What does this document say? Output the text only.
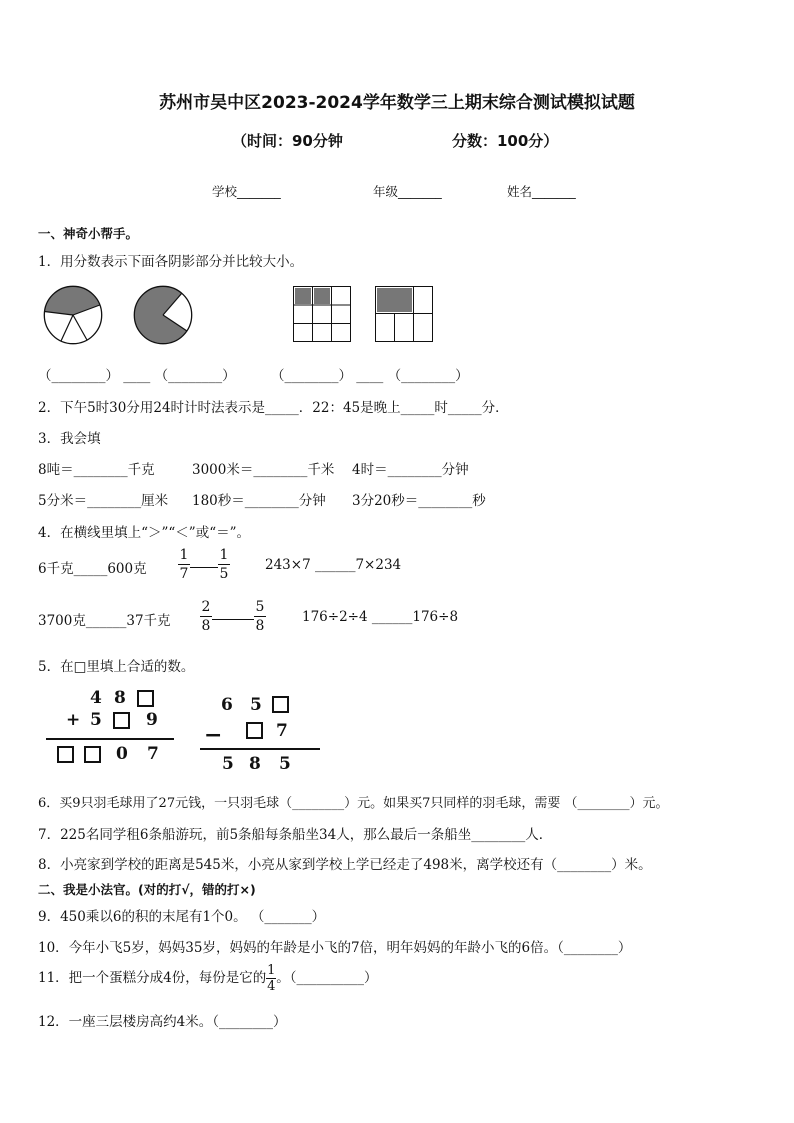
苏州市吴中区2023-2024学年数学三上期末综合测试模拟试题
（时间：90分钟	分数：100分）
学校_______	年级_______	姓名_______
一、神奇小帮手。
1．用分数表示下面各阴影部分并比较大小。
（________） ____ （________）	（________） ____ （________）
2．下午5时30分用24时计时法表示是_____．22：45是晚上_____时_____分．
3．我会填
8吨＝________千克	3000米＝________千米 4时＝________分钟
5分米＝________厘米 180秒＝________分钟 3分20秒＝________秒
4．在横线里填上“＞”“＜”或“＝”。
6千克_____600克 $\frac{1}{7} \frac{1}{5}$	243×7 ______7×234
3700克______37千克 $\frac{2}{8}$	$\frac{5}{8}$	176÷2÷4 ______176÷8
5．在□里填上合适的数。
4 8
+ 5	9
0 7
6 5
−	7
5 8 5
6．买9只羽毛球用了27元钱，一只羽毛球（________）元。如果买7只同样的羽毛球，需要 （________）元。
7．225名同学租6条船游玩，前5条船每条船坐34人，那么最后一条船坐________人．
8．小亮家到学校的距离是545米，小亮从家到学校上学已经走了498米，离学校还有（________）米。
二、我是小法官。(对的打√，错的打×)
9．450乘以6的积的末尾有1个0。 （_______）
10．今年小飞5岁，妈妈35岁，妈妈的年龄是小飞的7倍，明年妈妈的年龄小飞的6倍。（________）
11．把一个蛋糕分成4份，每份是它的 $\frac{1}{4}$ 。（__________）
12．一座三层楼房高约4米。（________）
